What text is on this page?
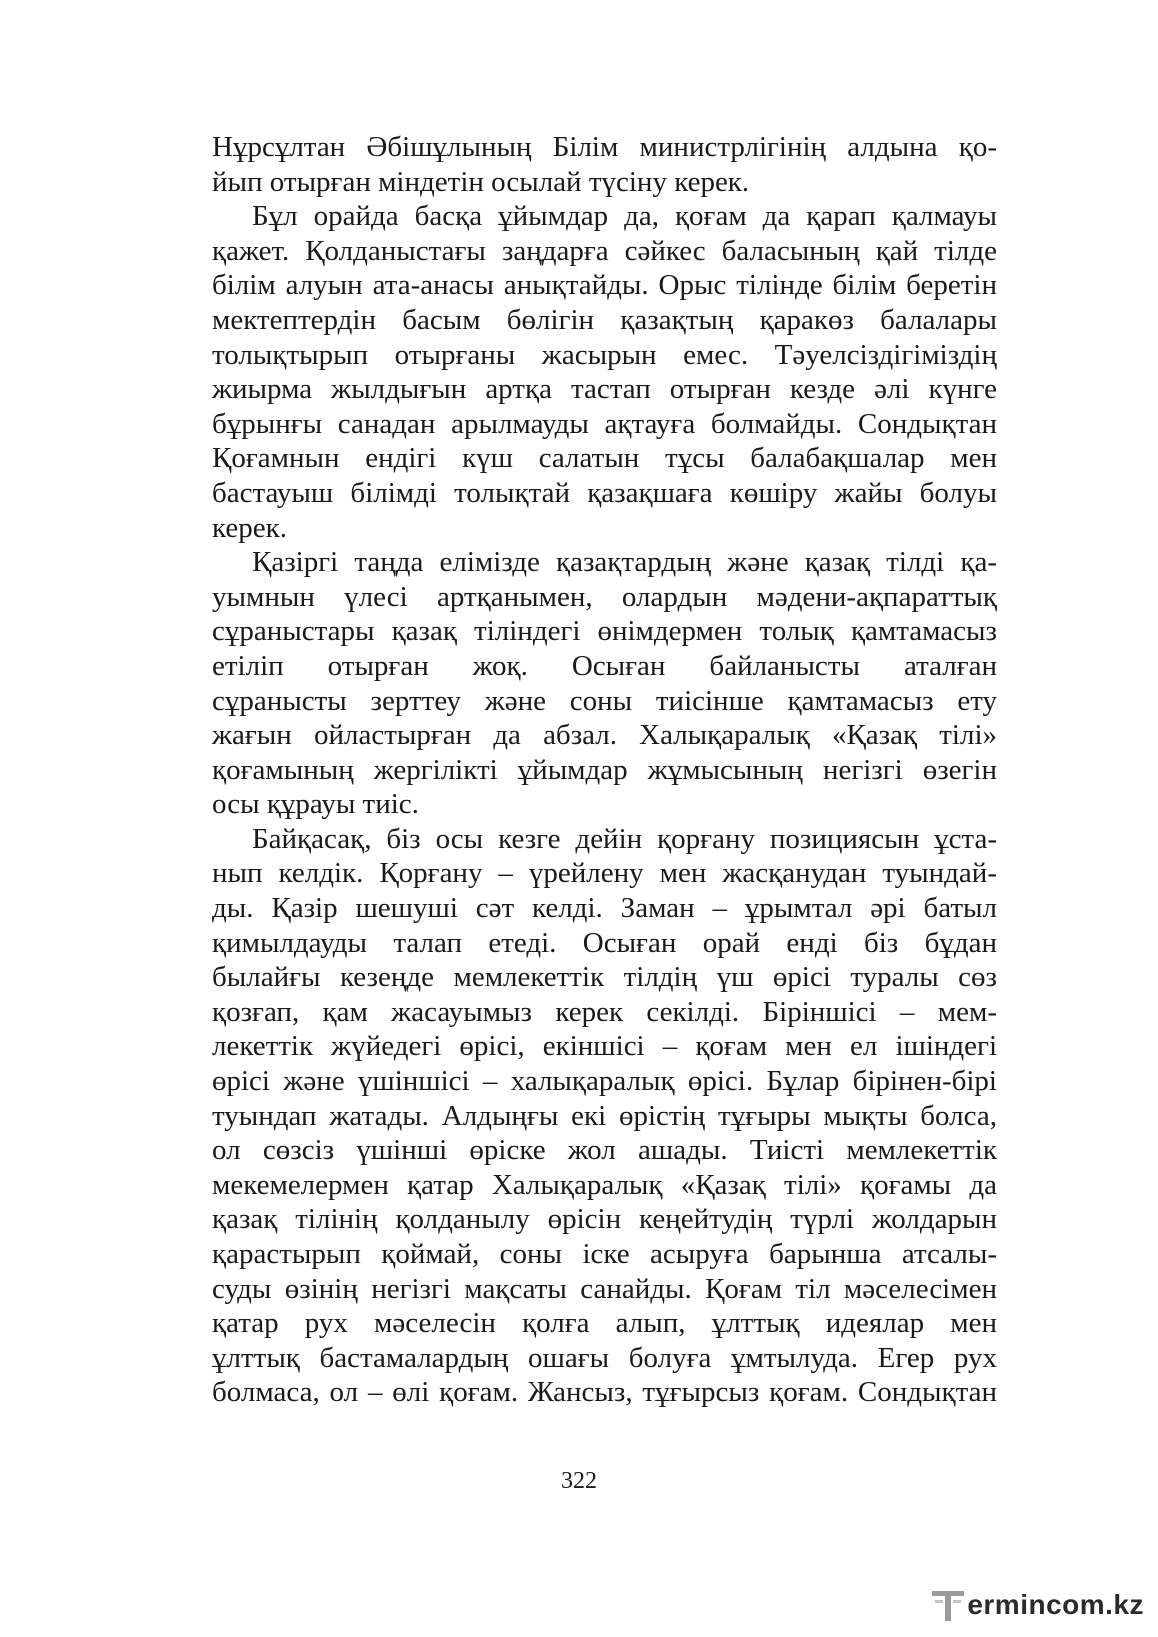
Нұрсұлтан Әбішұлының Білім министрлігінің алдына қо-
йып отырған міндетін осылай түсіну керек.
Бұл орайда басқа ұйымдар да, қоғам да қарап қалмауы
қажет. Қолданыстағы заңдарға сәйкес баласының қай тілде
білім алуын ата-анасы анықтайды. Орыс тілінде білім беретін
мектептердін басым бөлігін қазақтың қаракөз балалары
толықтырып отырғаны жасырын емес. Тәуелсіздігіміздің
жиырма жылдығын артқа тастап отырған кезде әлі күнге
бұрынғы санадан арылмауды ақтауға болмайды. Сондықтан
Қоғамнын ендігі күш салатын тұсы балабақшалар мен
бастауыш білімді толықтай қазақшаға көшіру жайы болуы
керек.
Қазіргі таңда елімізде қазақтардың және қазақ тілді қа-
уымнын үлесі артқанымен, олардын мәдени-ақпараттық
сұраныстары қазақ тіліндегі өнімдермен толық қамтамасыз
етіліп отырған жоқ. Осыған байланысты аталған
сұранысты зерттеу және соны тиісінше қамтамасыз ету
жағын ойластырған да абзал. Халықаралық «Қазақ тілі»
қоғамының жергілікті ұйымдар жұмысының негізгі өзегін
осы құрауы тиіс.
Байқасақ, біз осы кезге дейін қорғану позициясын ұста-
нып келдік. Қорғану – үрейлену мен жасқанудан туындай-
ды. Қазір шешуші сәт келді. Заман – ұрымтал әрі батыл
қимылдауды талап етеді. Осыған орай енді біз бұдан
былайғы кезеңде мемлекеттік тілдің үш өрісі туралы сөз
қозғап, қам жасауымыз керек секілді. Біріншісі – мем-
лекеттік жүйедегі өрісі, екіншісі – қоғам мен ел ішіндегі
өрісі және үшіншісі – халықаралық өрісі. Бұлар бірінен-бірі
туындап жатады. Алдыңғы екі өрістің тұғыры мықты болса,
ол сөзсіз үшінші өріске жол ашады. Тиісті мемлекеттік
мекемелермен қатар Халықаралық «Қазақ тілі» қоғамы да
қазақ тілінің қолданылу өрісін кеңейтудің түрлі жолдарын
қарастырып қоймай, соны іске асыруға барынша атсалы-
суды өзінің негізгі мақсаты санайды. Қоғам тіл мәселесімен
қатар рух мәселесін қолға алып, ұлттық идеялар мен
ұлттық бастамалардың ошағы болуға ұмтылуда. Егер рух
болмаса, ол – өлі қоғам. Жансыз, тұғырсыз қоғам. Сондықтан
322
ermincom.kz
